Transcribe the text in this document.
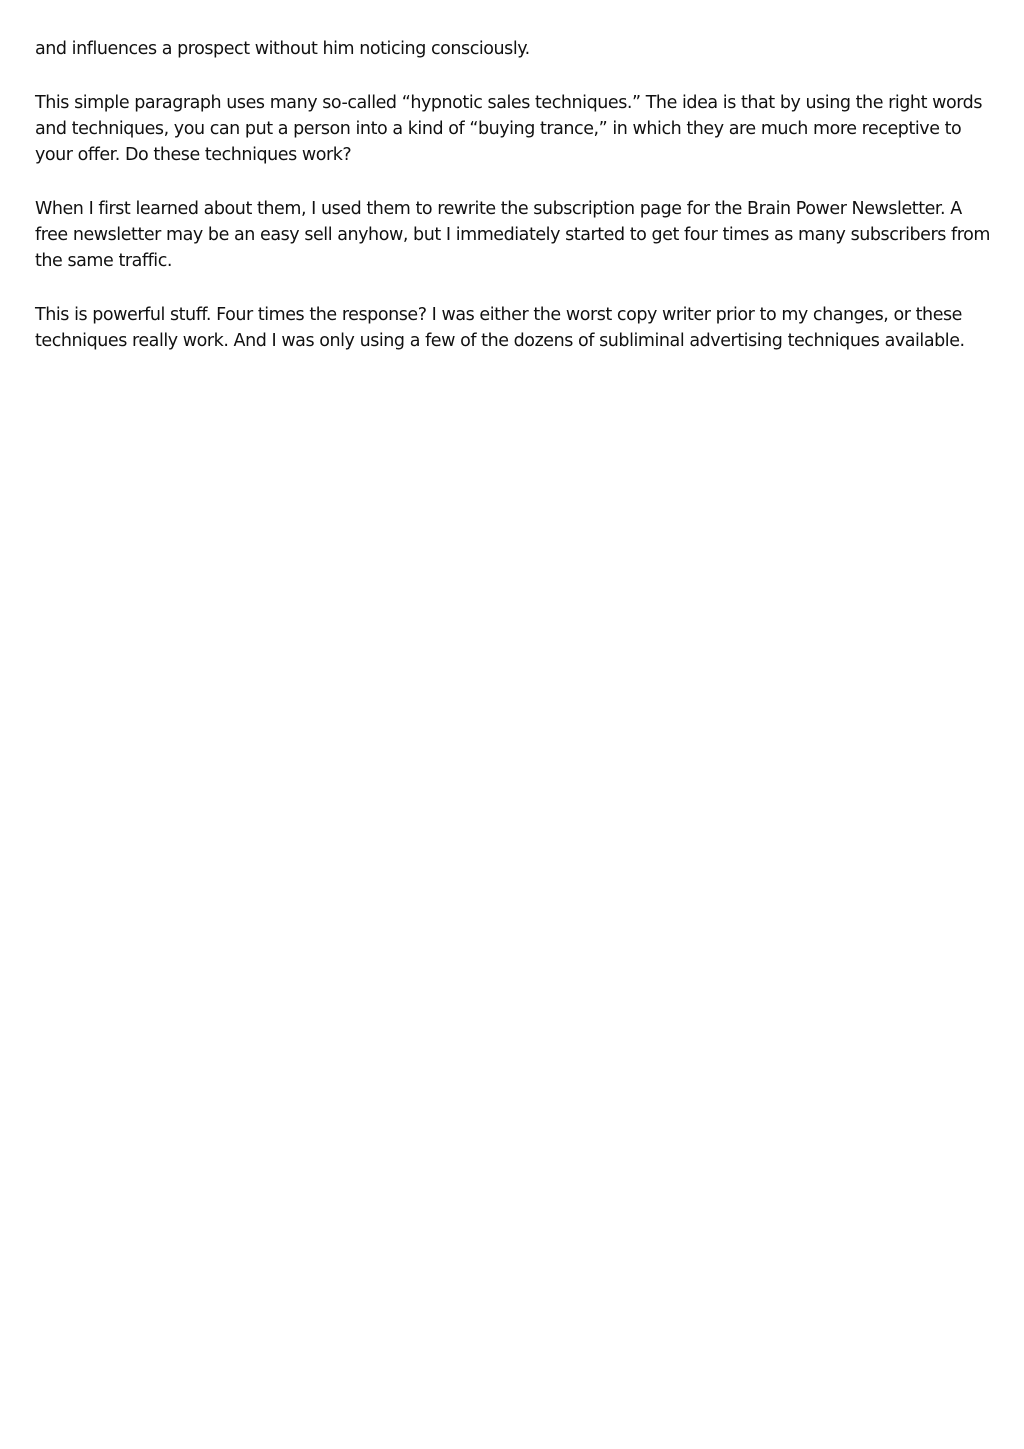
and influences a prospect without him noticing consciously.

This simple paragraph uses many so-called “hypnotic sales techniques.” The idea is that by using the right words and techniques, you can put a person into a kind of “buying trance,” in which they are much more receptive to your offer. Do these techniques work?

When I first learned about them, I used them to rewrite the subscription page for the Brain Power Newsletter. A free newsletter may be an easy sell anyhow, but I immediately started to get four times as many subscribers from the same traffic.

This is powerful stuff. Four times the response? I was either the worst copy writer prior to my changes, or these techniques really work. And I was only using a few of the dozens of subliminal advertising techniques available.
